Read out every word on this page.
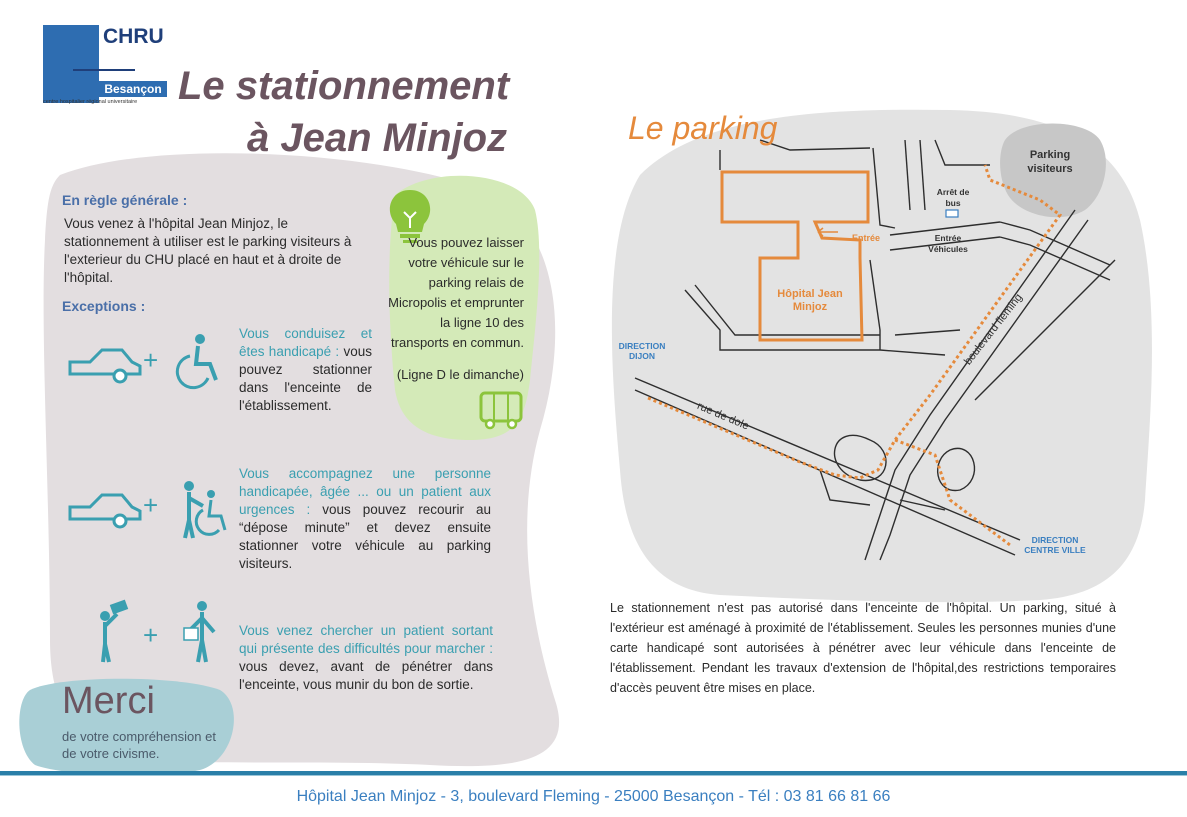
CHRU
Besançon
centre hospitalier régional universitaire Le stationnement
à Jean Minjoz
En règle générale :
Vous venez à l'hôpital Jean Minjoz, le stationnement à utiliser est le parking visiteurs à l'exterieur du CHU placé en haut et à droite de l'hôpital.
Exceptions :
+
Vous conduisez et êtes handicapé : vous pouvez stationner dans l'enceinte de l'établissement.
+
Vous accompagnez une personne handicapée, âgée ... ou un patient aux urgences : vous pouvez recourir au “dépose minute” et devez ensuite stationner votre véhicule au parking visiteurs.
+	Vous venez chercher un patient sortant qui présente des difficultés pour marcher : vous devez, avant de pénétrer dans l'enceinte, vous munir du bon de sortie.
Vous pouvez laisser votre véhicule sur le parking relais de Micropolis et emprunter la ligne 10 des transports en commun.
(Ligne D le dimanche)
Merci
de votre compréhension et de votre civisme.
Le parking
Parking visiteurs
Arrêt de bus
Entrée	Entrée Véhicules
Hôpital Jean Minjoz
DIRECTION DIJON
DIRECTION CENTRE VILLE
rue de dole
boulevard fleming
Le stationnement n'est pas autorisé dans l'enceinte de l'hôpital. Un parking, situé à l'extérieur est aménagé à proximité de l'établissement. Seules les personnes munies d'une carte handicapé sont autorisées à pénétrer avec leur véhicule dans l'enceinte de l'établissement. Pendant les travaux d'extension de l'hôpital,des restrictions temporaires d'accès peuvent être mises en place.
Hôpital Jean Minjoz - 3, boulevard Fleming - 25000 Besançon - Tél : 03 81 66 81 66
